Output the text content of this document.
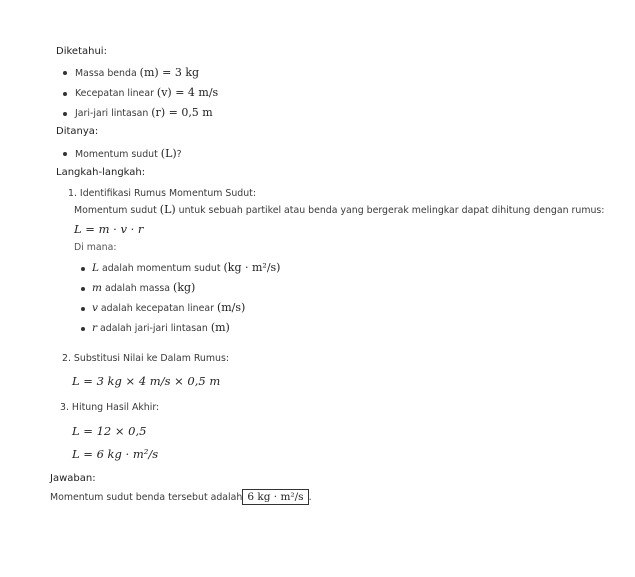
Diketahui:
Massa benda (m) = 3 kg
Kecepatan linear (v) = 4 m/s
Jari-jari lintasan (r) = 0,5 m
Ditanya:
Momentum sudut (L)?
Langkah-langkah:
1. Identifikasi Rumus Momentum Sudut:
Momentum sudut (L) untuk sebuah partikel atau benda yang bergerak melingkar dapat dihitung dengan rumus:
L = m · v · r
Di mana:
L adalah momentum sudut (kg · m²/s)
m adalah massa (kg)
v adalah kecepatan linear (m/s)
r adalah jari-jari lintasan (m)
2. Substitusi Nilai ke Dalam Rumus:
L = 3 kg × 4 m/s × 0,5 m
3. Hitung Hasil Akhir:
L = 12 × 0,5
L = 6 kg · m²/s
Jawaban:
Momentum sudut benda tersebut adalah 6 kg · m²/s .
